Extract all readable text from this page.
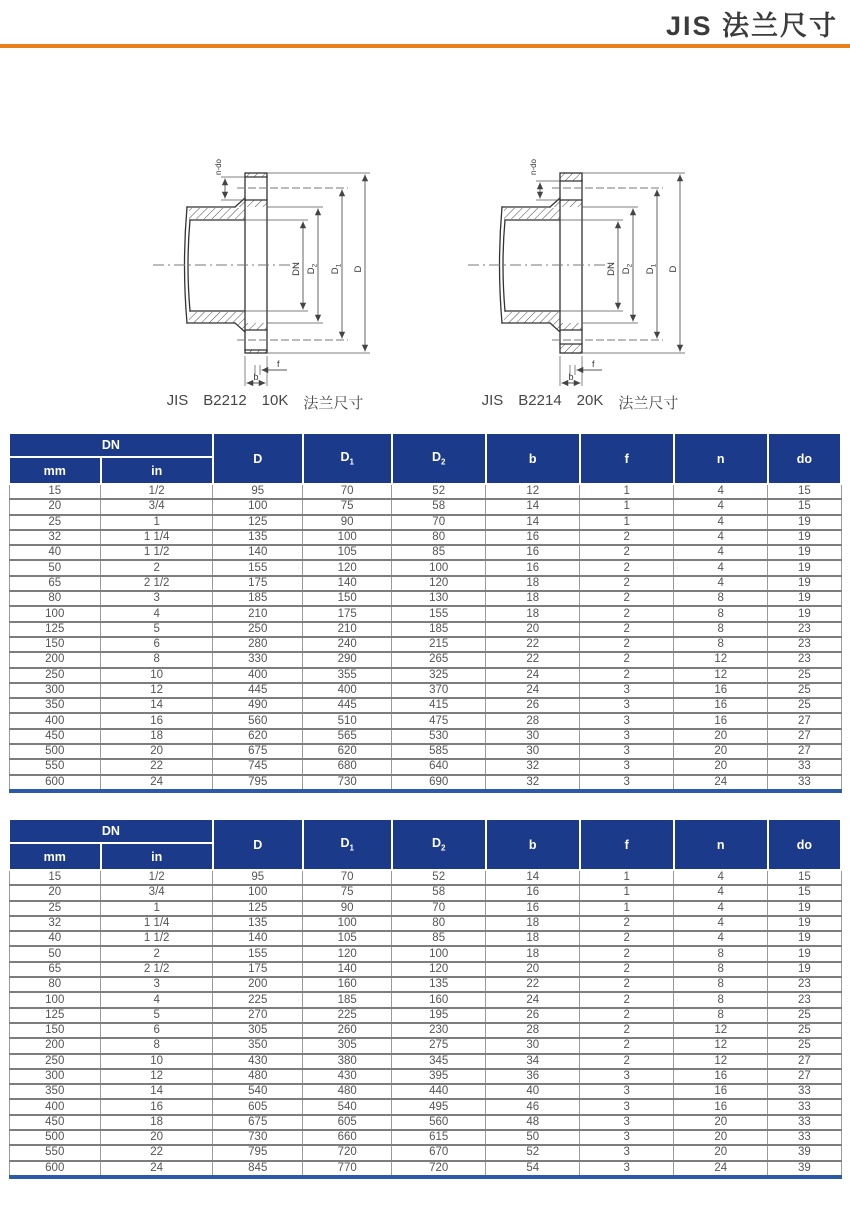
JIS 法兰尺寸
n-do
DN $D_2$
$D_1$ D
b
f
JIS B2212 10K 法兰尺寸
n-do
DN $D_2$
$D_1$ D
b
f
JIS B2214 20K 法兰尺寸
DN		D	$D_1$	$D_2$	b	f	n	do
mm	in							
15	1/2	95	70	52	12	1	4	15
20	3/4	100	75	58	14	1	4	15
25	1	125	90	70	14	1	4	19
32	1 1/4	135	100	80	16	2	4	19
40	1 1/2	140	105	85	16	2	4	19
50	2	155	120	100	16	2	4	19
65	2 1/2	175	140	120	18	2	4	19
80	3	185	150	130	18	2	8	19
100	4	210	175	155	18	2	8	19
125	5	250	210	185	20	2	8	23
150	6	280	240	215	22	2	8	23
200	8	330	290	265	22	2	12	23
250	10	400	355	325	24	2	12	25
300	12	445	400	370	24	3	16	25
350	14	490	445	415	26	3	16	25
400	16	560	510	475	28	3	16	27
450	18	620	565	530	30	3	20	27
500	20	675	620	585	30	3	20	27
550	22	745	680	640	32	3	20	33
600	24	795	730	690	32	3	24	33
DN		D	$D_1$	$D_2$	b	f	n	do
mm	in							
15	1/2	95	70	52	14	1	4	15
20	3/4	100	75	58	16	1	4	15
25	1	125	90	70	16	1	4	19
32	1 1/4	135	100	80	18	2	4	19
40	1 1/2	140	105	85	18	2	4	19
50	2	155	120	100	18	2	8	19
65	2 1/2	175	140	120	20	2	8	19
80	3	200	160	135	22	2	8	23
100	4	225	185	160	24	2	8	23
125	5	270	225	195	26	2	8	25
150	6	305	260	230	28	2	12	25
200	8	350	305	275	30	2	12	25
250	10	430	380	345	34	2	12	27
300	12	480	430	395	36	3	16	27
350	14	540	480	440	40	3	16	33
400	16	605	540	495	46	3	16	33
450	18	675	605	560	48	3	20	33
500	20	730	660	615	50	3	20	33
550	22	795	720	670	52	3	20	39
600	24	845	770	720	54	3	24	39
